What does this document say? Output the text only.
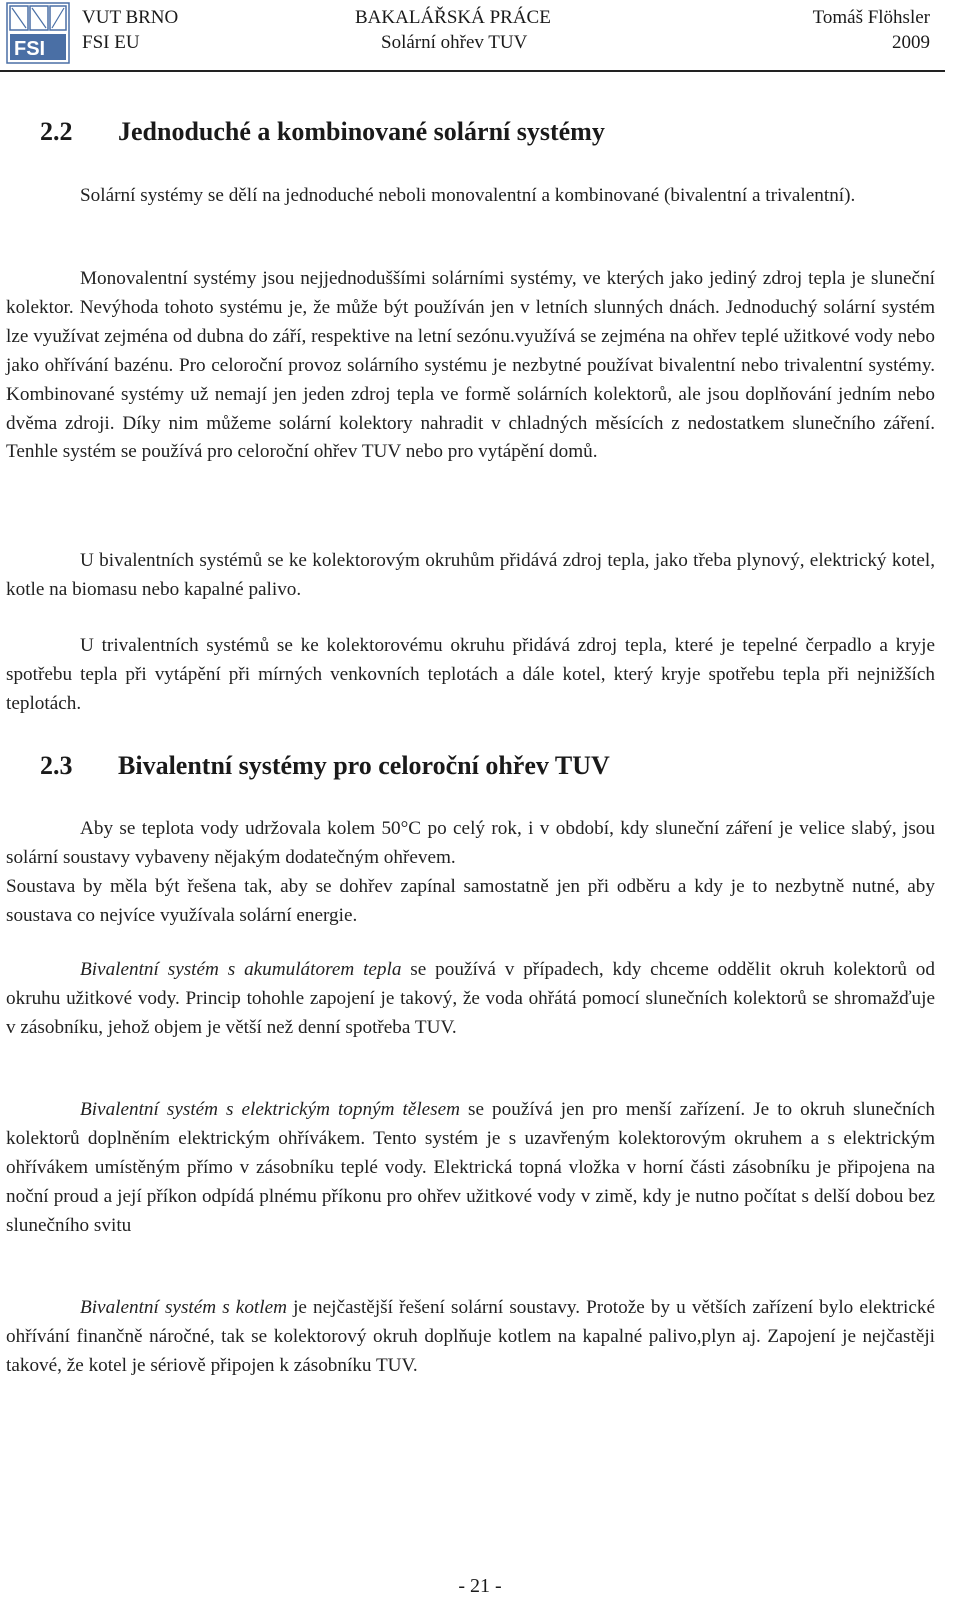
FSI
VUT BRNO
FSI EU
BAKALÁŘSKÁ PRÁCE
Solární ohřev TUV
Tomáš Flöhsler
2009
2.2 Jednoduché a kombinované solární systémy

Solární systémy se dělí na jednoduché neboli monovalentní a kombinované (bivalentní a trivalentní).

Monovalentní systémy jsou nejjednoduššími solárními systémy, ve kterých jako jediný zdroj tepla je sluneční kolektor. Nevýhoda tohoto systému je, že může být používán jen v letních slunných dnách. Jednoduchý solární systém lze využívat zejména od dubna do září, respektive na letní sezónu.využívá se zejména na ohřev teplé užitkové vody nebo jako ohřívání bazénu. Pro celoroční provoz solárního systému je nezbytné používat bivalentní nebo trivalentní systémy. Kombinované systémy už nemají jen jeden zdroj tepla ve formě solárních kolektorů, ale jsou doplňování jedním nebo dvěma zdroji. Díky nim můžeme solární kolektory nahradit v chladných měsících z nedostatkem slunečního záření. Tenhle systém se používá pro celoroční ohřev TUV nebo pro vytápění domů.

U bivalentních systémů se ke kolektorovým okruhům přidává zdroj tepla, jako třeba plynový, elektrický kotel, kotle na biomasu nebo kapalné palivo.

U trivalentních systémů se ke kolektorovému okruhu přidává zdroj tepla, které je tepelné čerpadlo a kryje spotřebu tepla při vytápění při mírných venkovních teplotách a dále kotel, který kryje spotřebu tepla při nejnižších teplotách.

2.3 Bivalentní systémy pro celoroční ohřev TUV

Aby se teplota vody udržovala kolem 50°C po celý rok, i v období, kdy sluneční záření je velice slabý, jsou solární soustavy vybaveny nějakým dodatečným ohřevem.

Soustava by měla být řešena tak, aby se dohřev zapínal samostatně jen při odběru a kdy je to nezbytně nutné, aby soustava co nejvíce využívala solární energie.

Bivalentní systém s akumulátorem tepla se používá v případech, kdy chceme oddělit okruh kolektorů od okruhu užitkové vody. Princip tohohle zapojení je takový, že voda ohřátá pomocí slunečních kolektorů se shromažďuje v zásobníku, jehož objem je větší než denní spotřeba TUV.

Bivalentní systém s elektrickým topným tělesem se používá jen pro menší zařízení. Je to okruh slunečních kolektorů doplněním elektrickým ohřívákem. Tento systém je s uzavřeným kolektorovým okruhem a s elektrickým ohřívákem umístěným přímo v zásobníku teplé vody. Elektrická topná vložka v horní části zásobníku je připojena na noční proud a její příkon odpídá plnému příkonu pro ohřev užitkové vody v zimě, kdy je nutno počítat s delší dobou bez slunečního svitu

Bivalentní systém s kotlem je nejčastější řešení solární soustavy. Protože by u větších zařízení bylo elektrické ohřívání finančně náročné, tak se kolektorový okruh doplňuje kotlem na kapalné palivo,plyn aj. Zapojení je nejčastěji takové, že kotel je sériově připojen k zásobníku TUV.

- 21 -
